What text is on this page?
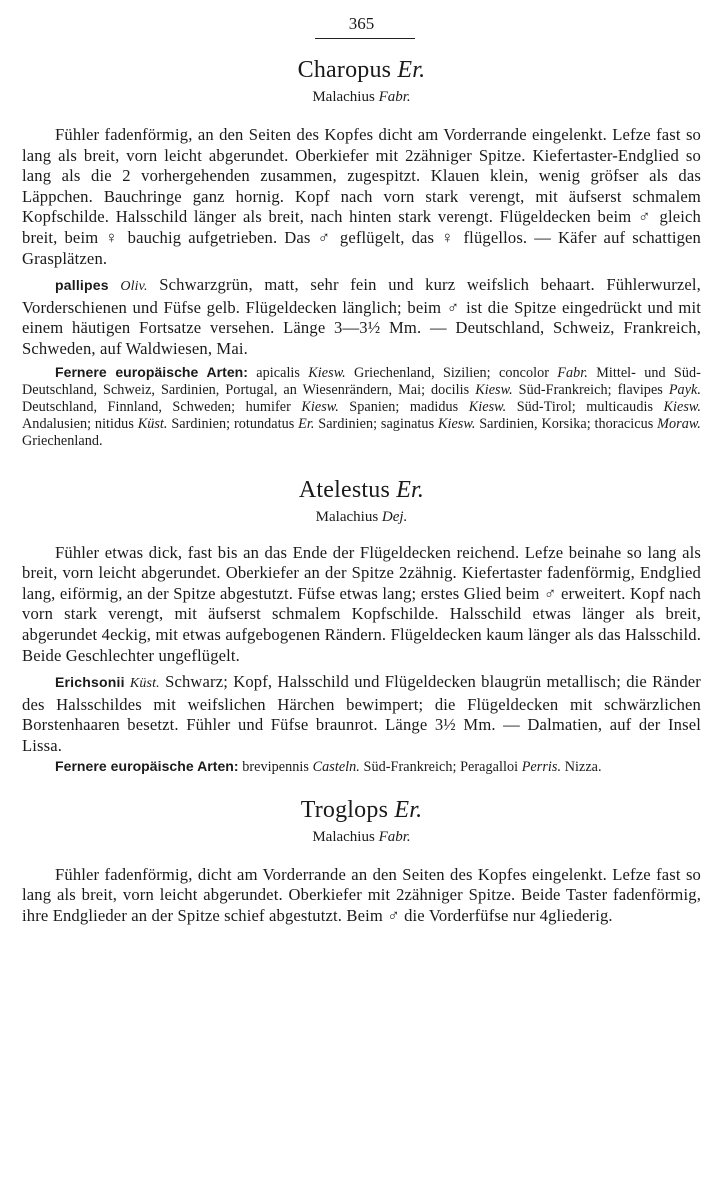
365
Charopus Er.
Malachius Fabr.

Fühler fadenförmig, an den Seiten des Kopfes dicht am Vorderrande eingelenkt. Lefze fast so lang als breit, vorn leicht abgerundet. Oberkiefer mit 2zähniger Spitze. Kiefertaster-Endglied so lang als die 2 vorhergehenden zusammen, zugespitzt. Klauen klein, wenig gröfser als das Läppchen. Bauchringe ganz hornig. Kopf nach vorn stark verengt, mit äufserst schmalem Kopfschilde. Halsschild länger als breit, nach hinten stark verengt. Flügeldecken beim ♂ gleich breit, beim ♀ bauchig aufgetrieben. Das ♂ geflügelt, das ♀ flügellos. — Käfer auf schattigen Grasplätzen.

pallipes Oliv. Schwarzgrün, matt, sehr fein und kurz weifslich behaart. Fühlerwurzel, Vorderschienen und Füfse gelb. Flügeldecken länglich; beim ♂ ist die Spitze eingedrückt und mit einem häutigen Fortsatze versehen. Länge 3—3½ Mm. — Deutschland, Schweiz, Frankreich, Schweden, auf Waldwiesen, Mai.

Fernere europäische Arten: apicalis Kiesw. Griechenland, Sizilien; concolor Fabr. Mittel- und Süd-Deutschland, Schweiz, Sardinien, Portugal, an Wiesenrändern, Mai; docilis Kiesw. Süd-Frankreich; flavipes Payk. Deutschland, Finnland, Schweden; humifer Kiesw. Spanien; madidus Kiesw. Süd-Tirol; multicaudis Kiesw. Andalusien; nitidus Küst. Sardinien; rotundatus Er. Sardinien; saginatus Kiesw. Sardinien, Korsika; thoracicus Moraw. Griechenland.

Atelestus Er.
Malachius Dej.

Fühler etwas dick, fast bis an das Ende der Flügeldecken reichend. Lefze beinahe so lang als breit, vorn leicht abgerundet. Oberkiefer an der Spitze 2zähnig. Kiefertaster fadenförmig, Endglied lang, eiförmig, an der Spitze abgestutzt. Füfse etwas lang; erstes Glied beim ♂ erweitert. Kopf nach vorn stark verengt, mit äufserst schmalem Kopfschilde. Halsschild etwas länger als breit, abgerundet 4eckig, mit etwas aufgebogenen Rändern. Flügeldecken kaum länger als das Halsschild. Beide Geschlechter ungeflügelt.

Erichsonii Küst. Schwarz; Kopf, Halsschild und Flügeldecken blaugrün metallisch; die Ränder des Halsschildes mit weifslichen Härchen bewimpert; die Flügeldecken mit schwärzlichen Borstenhaaren besetzt. Fühler und Füfse braunrot. Länge 3½ Mm. — Dalmatien, auf der Insel Lissa.

Fernere europäische Arten: brevipennis Casteln. Süd-Frankreich; Peragalloi Perris. Nizza.

Troglops Er.
Malachius Fabr.

Fühler fadenförmig, dicht am Vorderrande an den Seiten des Kopfes eingelenkt. Lefze fast so lang als breit, vorn leicht abgerundet. Oberkiefer mit 2zähniger Spitze. Beide Taster fadenförmig, ihre Endglieder an der Spitze schief abgestutzt. Beim ♂ die Vorderfüfse nur 4gliederig.
